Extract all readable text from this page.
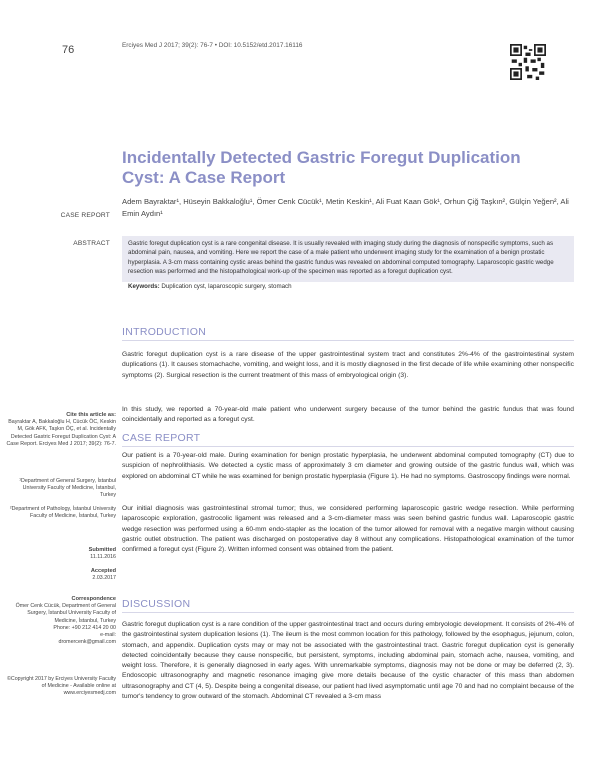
76	Erciyes Med J 2017; 39(2): 76-7 • DOI: 10.5152/etd.2017.16116
Incidentally Detected Gastric Foregut Duplication Cyst: A Case Report
CASE REPORT
Adem Bayraktar¹, Hüseyin Bakkaloğlu¹, Ömer Cenk Cücük¹, Metin Keskin¹, Ali Fuat Kaan Gök¹, Orhun Çiğ Taşkın², Gülçin Yeğen², Ali Emin Aydın¹
ABSTRACT	Gastric foregut duplication cyst is a rare congenital disease. It is usually revealed with imaging study during the diagnosis of nonspecific symptoms, such as abdominal pain, nausea, and vomiting. Here we report the case of a male patient who underwent imaging study for the examination of a benign prostatic hyperplasia. A 3-cm mass containing cystic areas behind the gastric fundus was revealed on abdominal computed tomography. Laparoscopic gastric wedge resection was performed and the histopathological work-up of the specimen was reported as a foregut duplication cyst.
Keywords: Duplication cyst, laparoscopic surgery, stomach
INTRODUCTION
Gastric foregut duplication cyst is a rare disease of the upper gastrointestinal system tract and constitutes 2%-4% of the gastrointestinal system duplications (1). It causes stomachache, vomiting, and weight loss, and it is mostly diagnosed in the first decade of life while examining other nonspecific symptoms (2). Surgical resection is the current treatment of this mass of embryological origin (3).
In this study, we reported a 70-year-old male patient who underwent surgery because of the tumor behind the gastric fundus that was found coincidentally and reported as a foregut cyst.
CASE REPORT
Our patient is a 70-year-old male. During examination for benign prostatic hyperplasia, he underwent abdominal computed tomography (CT) due to suspicion of nephrolithiasis. We detected a cystic mass of approximately 3 cm diameter and growing outside of the gastric fundus wall, which was explored on abdominal CT while he was examined for benign prostatic hyperplasia (Figure 1). He had no symptoms. Gastroscopy findings were normal.
Our initial diagnosis was gastrointestinal stromal tumor; thus, we considered performing laparoscopic gastric wedge resection. While performing laparoscopic exploration, gastrocolic ligament was released and a 3-cm-diameter mass was seen behind gastric fundus wall. Laparoscopic gastric wedge resection was performed using a 60-mm endo-stapler as the location of the tumor allowed for removal with a negative margin without causing gastric outlet obstruction. The patient was discharged on postoperative day 8 without any complications. Histopathological examination of the tumor confirmed a foregut cyst (Figure 2). Written informed consent was obtained from the patient.
DISCUSSION
Gastric foregut duplication cyst is a rare condition of the upper gastrointestinal tract and occurs during embryologic development. It consists of 2%-4% of the gastrointestinal system duplication lesions (1). The ileum is the most common location for this pathology, followed by the esophagus, jejunum, colon, stomach, and appendix. Duplication cysts may or may not be associated with the gastrointestinal tract. Gastric foregut duplication cyst is generally detected coincidentally because they cause nonspecific, but persistent, symptoms, including abdominal pain, stomach ache, nausea, vomiting, and weight loss. Therefore, it is generally diagnosed in early ages. With unremarkable symptoms, diagnosis may not be done or may be deferred (2, 3). Endoscopic ultrasonography and magnetic resonance imaging give more details because of the cystic character of this mass than abdomen ultrasonography and CT (4, 5). Despite being a congenital disease, our patient had lived asymptomatic until age 70 and had no complaint because of the tumor's tendency to grow outward of the stomach. Abdominal CT revealed a 3-cm mass
Cite this article as:
Bayraktar A, Bakkaloğlu H, Cücük ÖC, Keskin M, Gök AFK, Taşkın ÖÇ, et al. Incidentally Detected Gastric Foregut Duplication Cyst: A Case Report. Erciyes Med J 2017; 39(2): 76-7.
¹Department of General Surgery, İstanbul University Faculty of Medicine, İstanbul, Turkey
²Department of Pathology, İstanbul University Faculty of Medicine, İstanbul, Turkey
Submitted
11.11.2016
Accepted
2.03.2017
Correspondence
Ömer Cenk Cücük, Department of General Surgery, İstanbul University Faculty of Medicine, İstanbul, Turkey
Phone: +90 212 414 20 00
e-mail:
dromercenk@gmail.com
©Copyright 2017 by Erciyes University Faculty of Medicine - Available online at www.erciyesmedj.com
